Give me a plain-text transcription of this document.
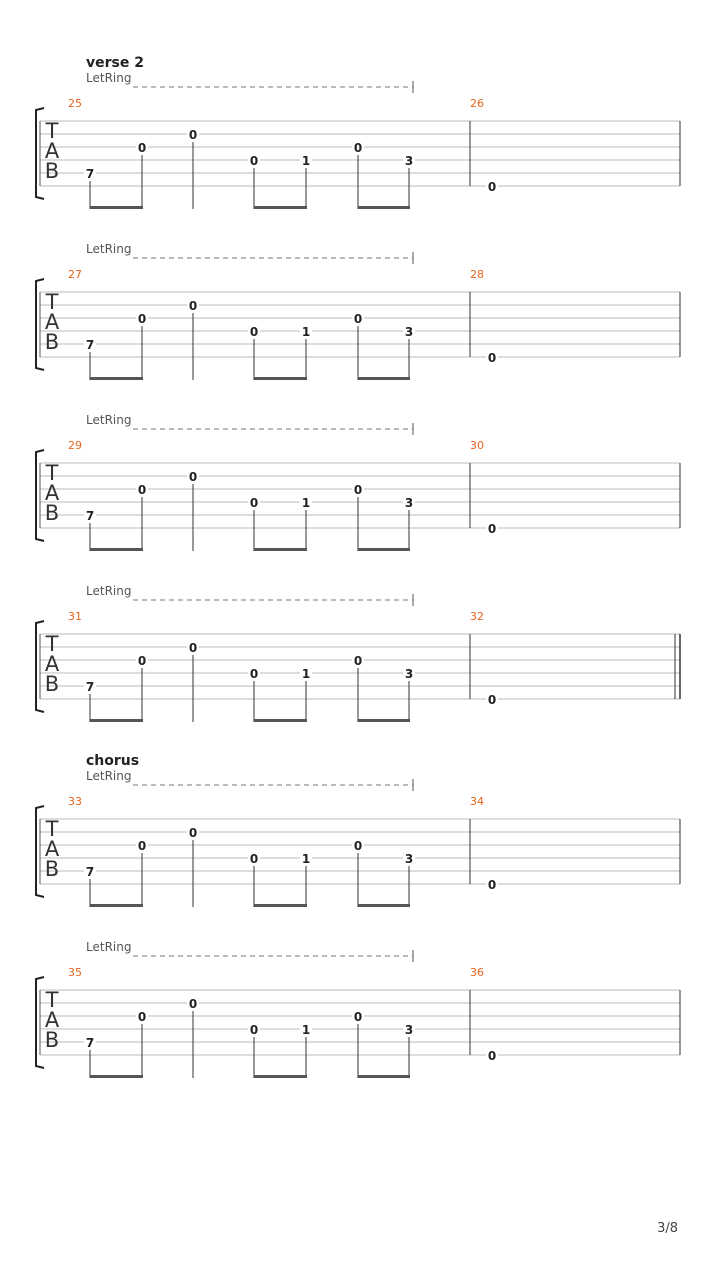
verse 2
LetRing
T
A
B
25	26
7
0
0
0	1
0
3
0
LetRing
T
A
B
27	28
7
0
0
0	1
0
3
0
LetRing
T
A
B
29	30
7
0
0
0	1
0
3
0
LetRing
T
A
B
31	32
7
0
0
0	1
0
3
0
chorus
LetRing
T
A
B
33	34
7
0
0
0	1
0
3
0
LetRing
T
A
B
35	36
7
0
0
0	1
0
3
0
3/8
